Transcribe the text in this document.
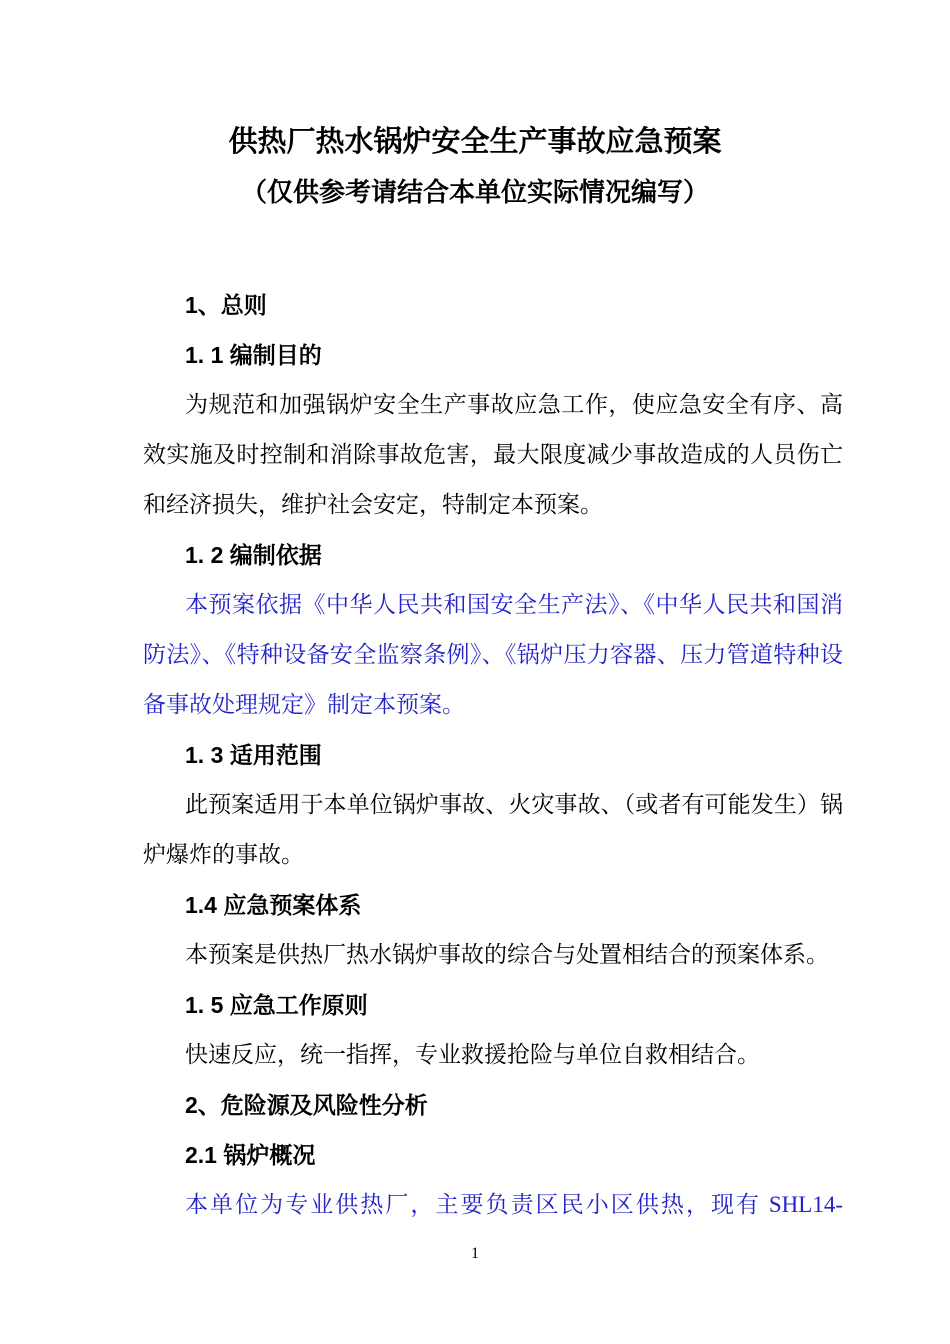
供热厂热水锅炉安全生产事故应急预案
（仅供参考请结合本单位实际情况编写）
1、总则
1. 1 编制目的
为规范和加强锅炉安全生产事故应急工作，使应急安全有序、高效实施及时控制和消除事故危害，最大限度减少事故造成的人员伤亡和经济损失，维护社会安定，特制定本预案。
1. 2 编制依据
本预案依据《中华人民共和国安全生产法》、《中华人民共和国消防法》、《特种设备安全监察条例》、《锅炉压力容器、压力管道特种设备事故处理规定》制定本预案。
1. 3 适用范围
此预案适用于本单位锅炉事故、火灾事故、（或者有可能发生）锅炉爆炸的事故。
1.4 应急预案体系
本预案是供热厂热水锅炉事故的综合与处置相结合的预案体系。
1. 5 应急工作原则
快速反应，统一指挥，专业救援抢险与单位自救相结合。
2、危险源及风险性分析
2.1 锅炉概况
本单位为专业供热厂，主要负责区民小区供热，现有 SHL14-
1
